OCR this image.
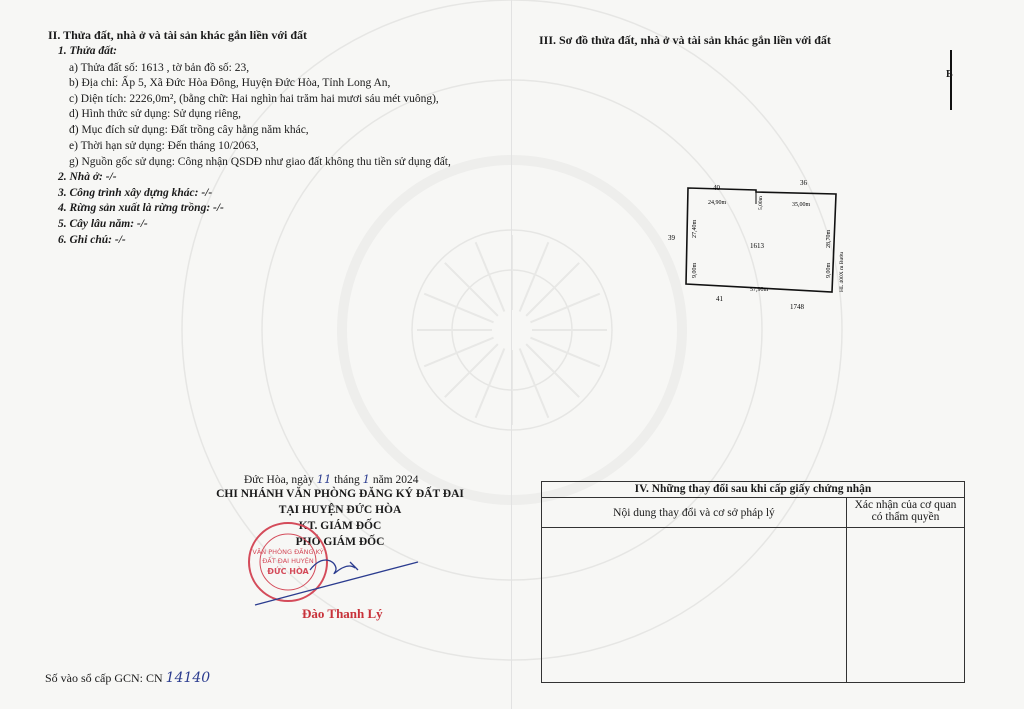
II. Thửa đất, nhà ở và tài sản khác gắn liền với đất
1. Thửa đất:
a) Thửa đất số: 1613 , tờ bản đồ số: 23,
b) Địa chỉ: Ấp 5, Xã Đức Hòa Đông, Huyện Đức Hòa, Tỉnh Long An,
c) Diện tích: 2226,0m², (bằng chữ: Hai nghìn hai trăm hai mươi sáu mét vuông),
d) Hình thức sử dụng: Sử dụng riêng,
đ) Mục đích sử dụng: Đất trồng cây hằng năm khác,
e) Thời hạn sử dụng: Đến tháng 10/2063,
g) Nguồn gốc sử dụng: Công nhận QSDĐ như giao đất không thu tiền sử dụng đất,
2. Nhà ở: -/-
3. Công trình xây dựng khác: -/-
4. Rừng sản xuất là rừng trồng: -/-
5. Cây lâu năm: -/-
6. Ghi chú: -/-
Đức Hòa, ngày 11 tháng 1 năm 2024
CHI NHÁNH VĂN PHÒNG ĐĂNG KÝ ĐẤT ĐAI
TẠI HUYỆN ĐỨC HÒA
KT. GIÁM ĐỐC
PHÓ GIÁM ĐỐC
VĂN PHÒNG ĐĂNG KÝ
ĐẤT ĐAI HUYỆN
ĐỨC HÒA
Đào Thanh Lý
Số vào sổ cấp GCN: CN 14140
III. Sơ đồ thửa đất, nhà ở và tài sản khác gắn liền với đất
B
40
36
39
41
1748
1613
24,90m	35,00m
5,00m
27,40m
9,00m
28,70m
9,00m HL 400X m Bướu
57,90m
IV. Những thay đổi sau khi cấp giấy chứng nhận	
Nội dung thay đổi và cơ sở pháp lý	Xác nhận của cơ quan
có thẩm quyền
